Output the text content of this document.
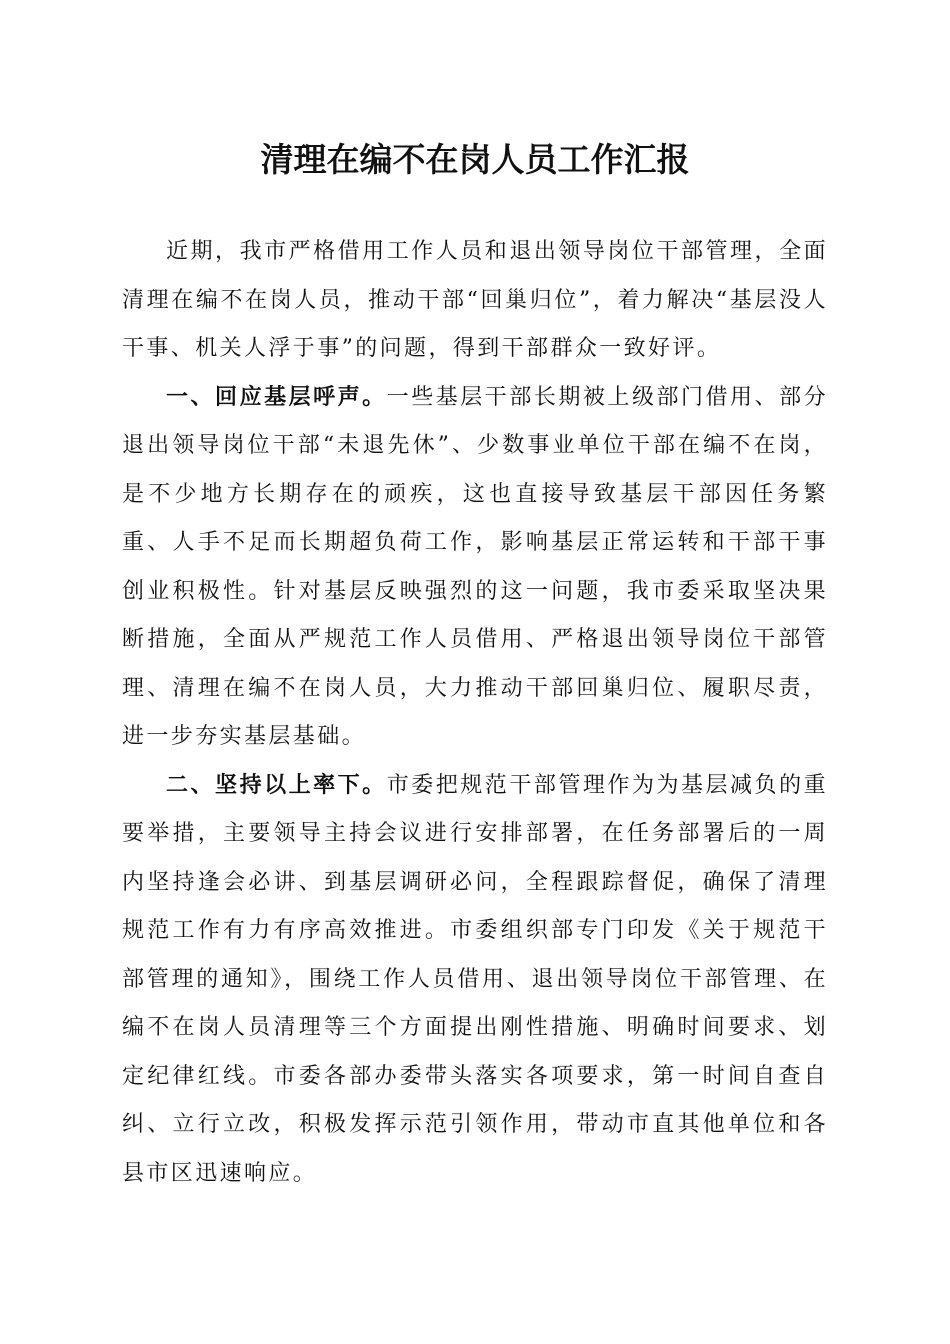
清理在编不在岗人员工作汇报

近期，我市严格借用工作人员和退出领导岗位干部管理，全面清理在编不在岗人员，推动干部“回巢归位”，着力解决“基层没人干事、机关人浮于事”的问题，得到干部群众一致好评。

一、回应基层呼声。一些基层干部长期被上级部门借用、部分退出领导岗位干部“未退先休”、少数事业单位干部在编不在岗，是不少地方长期存在的顽疾，这也直接导致基层干部因任务繁重、人手不足而长期超负荷工作，影响基层正常运转和干部干事创业积极性。针对基层反映强烈的这一问题，我市委采取坚决果断措施，全面从严规范工作人员借用、严格退出领导岗位干部管理、清理在编不在岗人员，大力推动干部回巢归位、履职尽责，进一步夯实基层基础。

二、坚持以上率下。市委把规范干部管理作为为基层减负的重要举措，主要领导主持会议进行安排部署，在任务部署后的一周内坚持逢会必讲、到基层调研必问，全程跟踪督促，确保了清理规范工作有力有序高效推进。市委组织部专门印发《关于规范干部管理的通知》，围绕工作人员借用、退出领导岗位干部管理、在编不在岗人员清理等三个方面提出刚性措施、明确时间要求、划定纪律红线。市委各部办委带头落实各项要求，第一时间自查自纠、立行立改，积极发挥示范引领作用，带动市直其他单位和各县市区迅速响应。
